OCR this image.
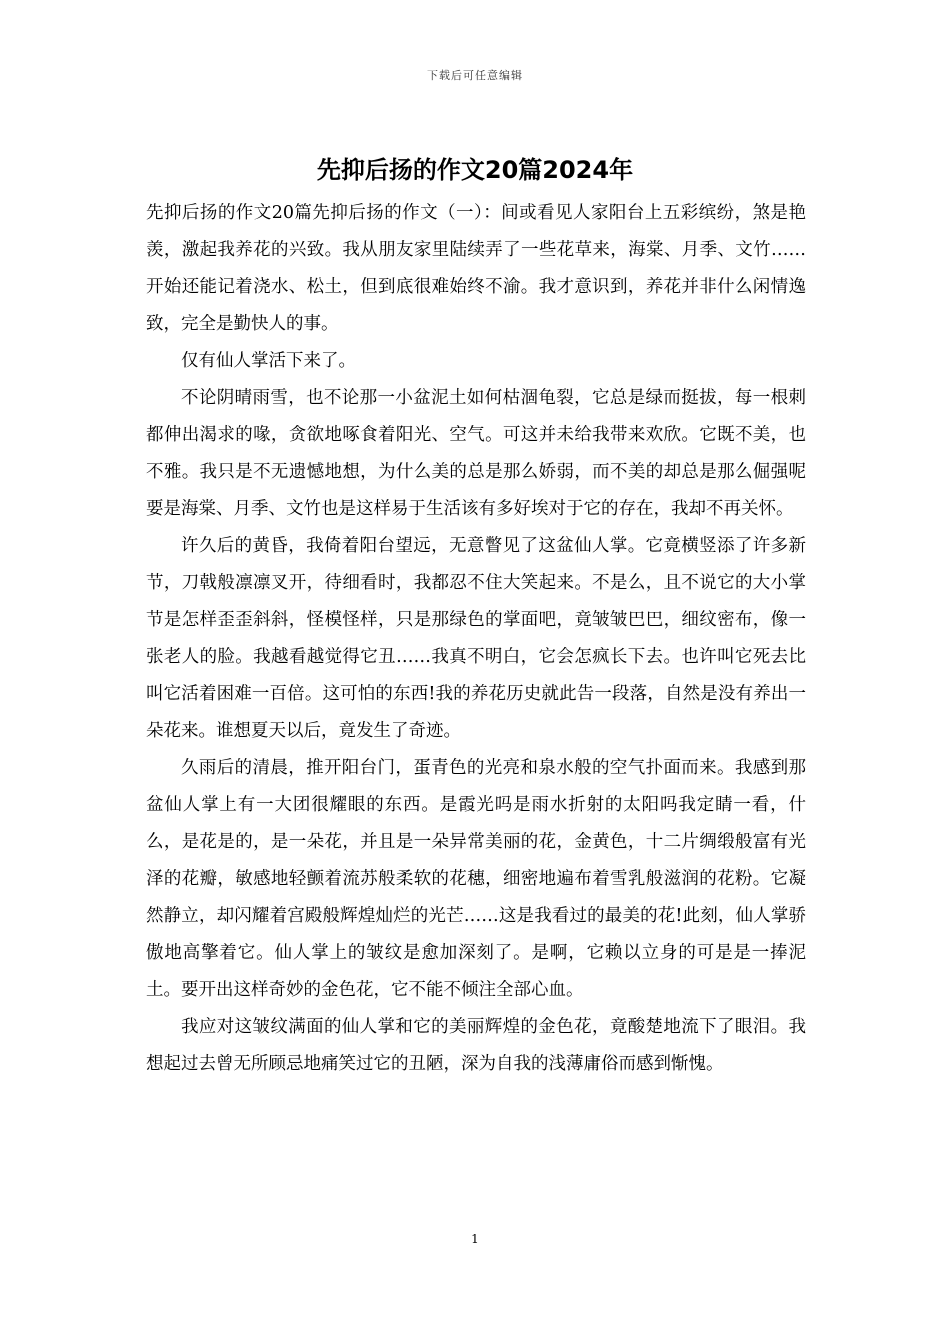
下载后可任意编辑
先抑后扬的作文20篇2024年

先抑后扬的作文20篇先抑后扬的作文（一）：间或看见人家阳台上五彩缤纷，煞是艳羡，激起我养花的兴致。我从朋友家里陆续弄了一些花草来，海棠、月季、文竹……开始还能记着浇水、松土，但到底很难始终不渝。我才意识到，养花并非什么闲情逸致，完全是勤快人的事。

仅有仙人掌活下来了。

不论阴晴雨雪，也不论那一小盆泥土如何枯涸龟裂，它总是绿而挺拔，每一根刺都伸出渴求的喙，贪欲地啄食着阳光、空气。可这并未给我带来欢欣。它既不美，也不雅。我只是不无遗憾地想，为什么美的总是那么娇弱，而不美的却总是那么倔强呢要是海棠、月季、文竹也是这样易于生活该有多好埃对于它的存在，我却不再关怀。

许久后的黄昏，我倚着阳台望远，无意瞥见了这盆仙人掌。它竟横竖添了许多新节，刀戟般凛凛叉开，待细看时，我都忍不住大笑起来。不是么，且不说它的大小掌节是怎样歪歪斜斜，怪模怪样，只是那绿色的掌面吧，竟皱皱巴巴，细纹密布，像一张老人的脸。我越看越觉得它丑……我真不明白，它会怎疯长下去。也许叫它死去比叫它活着困难一百倍。这可怕的东西!我的养花历史就此告一段落，自然是没有养出一朵花来。谁想夏天以后，竟发生了奇迹。

久雨后的清晨，推开阳台门，蛋青色的光亮和泉水般的空气扑面而来。我感到那盆仙人掌上有一大团很耀眼的东西。是霞光吗是雨水折射的太阳吗我定睛一看，什么，是花是的，是一朵花，并且是一朵异常美丽的花，金黄色，十二片绸缎般富有光泽的花瓣，敏感地轻颤着流苏般柔软的花穗，细密地遍布着雪乳般滋润的花粉。它凝然静立，却闪耀着宫殿般辉煌灿烂的光芒……这是我看过的最美的花!此刻，仙人掌骄傲地高擎着它。仙人掌上的皱纹是愈加深刻了。是啊，它赖以立身的可是是一捧泥土。要开出这样奇妙的金色花，它不能不倾注全部心血。

我应对这皱纹满面的仙人掌和它的美丽辉煌的金色花，竟酸楚地流下了眼泪。我想起过去曾无所顾忌地痛笑过它的丑陋，深为自我的浅薄庸俗而感到惭愧。

1
